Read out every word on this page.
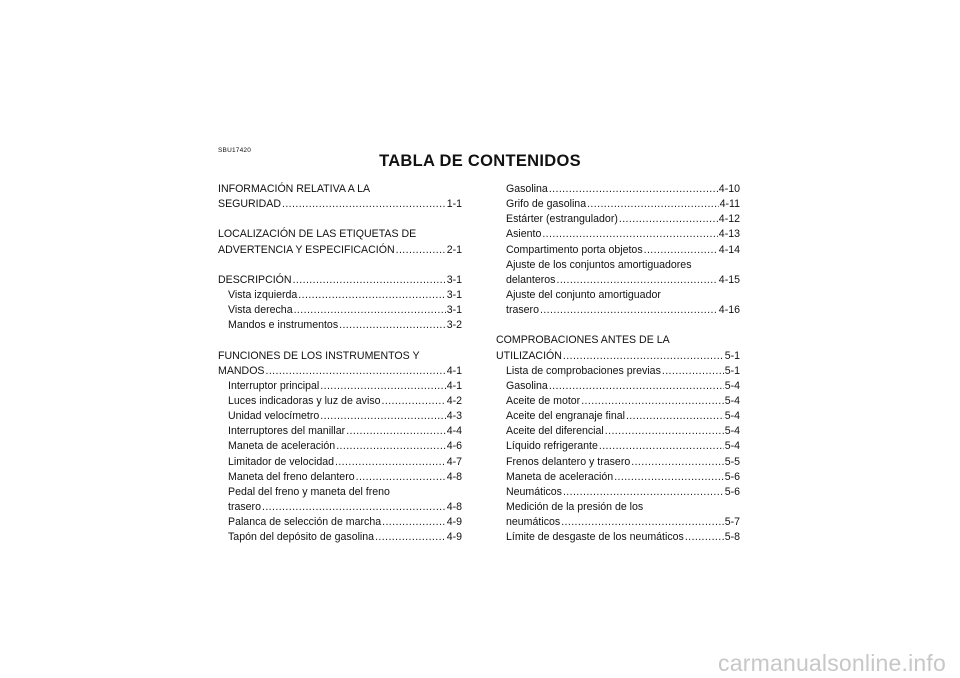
SBU17420
TABLA DE CONTENIDOS
INFORMACIÓN RELATIVA A LA
SEGURIDAD .....	1-1
LOCALIZACIÓN DE LAS ETIQUETAS DE
ADVERTENCIA Y ESPECIFICACIÓN .....	2-1
DESCRIPCIÓN .....	3-1
Vista izquierda .....	3-1
Vista derecha .....	3-1
Mandos e instrumentos .....	3-2
FUNCIONES DE LOS INSTRUMENTOS Y
MANDOS .....	4-1
Interruptor principal .....	4-1
Luces indicadoras y luz de aviso .....	4-2
Unidad velocímetro .....	4-3
Interruptores del manillar .....	4-4
Maneta de aceleración .....	4-6
Limitador de velocidad .....	4-7
Maneta del freno delantero .....	4-8
Pedal del freno y maneta del freno
trasero .....	4-8
Palanca de selección de marcha .....	4-9
Tapón del depósito de gasolina .....	4-9
Gasolina .....	4-10
Grifo de gasolina .....	4-11
Estárter (estrangulador) .....	4-12
Asiento .....	4-13
Compartimento porta objetos .....	4-14
Ajuste de los conjuntos amortiguadores
delanteros .....	4-15
Ajuste del conjunto amortiguador
trasero .....	4-16
COMPROBACIONES ANTES DE LA
UTILIZACIÓN .....	5-1
Lista de comprobaciones previas .....	5-1
Gasolina .....	5-4
Aceite de motor .....	5-4
Aceite del engranaje final .....	5-4
Aceite del diferencial .....	5-4
Líquido refrigerante .....	5-4
Frenos delantero y trasero .....	5-5
Maneta de aceleración .....	5-6
Neumáticos .....	5-6
Medición de la presión de los
neumáticos .....	5-7
Límite de desgaste de los neumáticos .....	5-8
carmanualsonline.info
